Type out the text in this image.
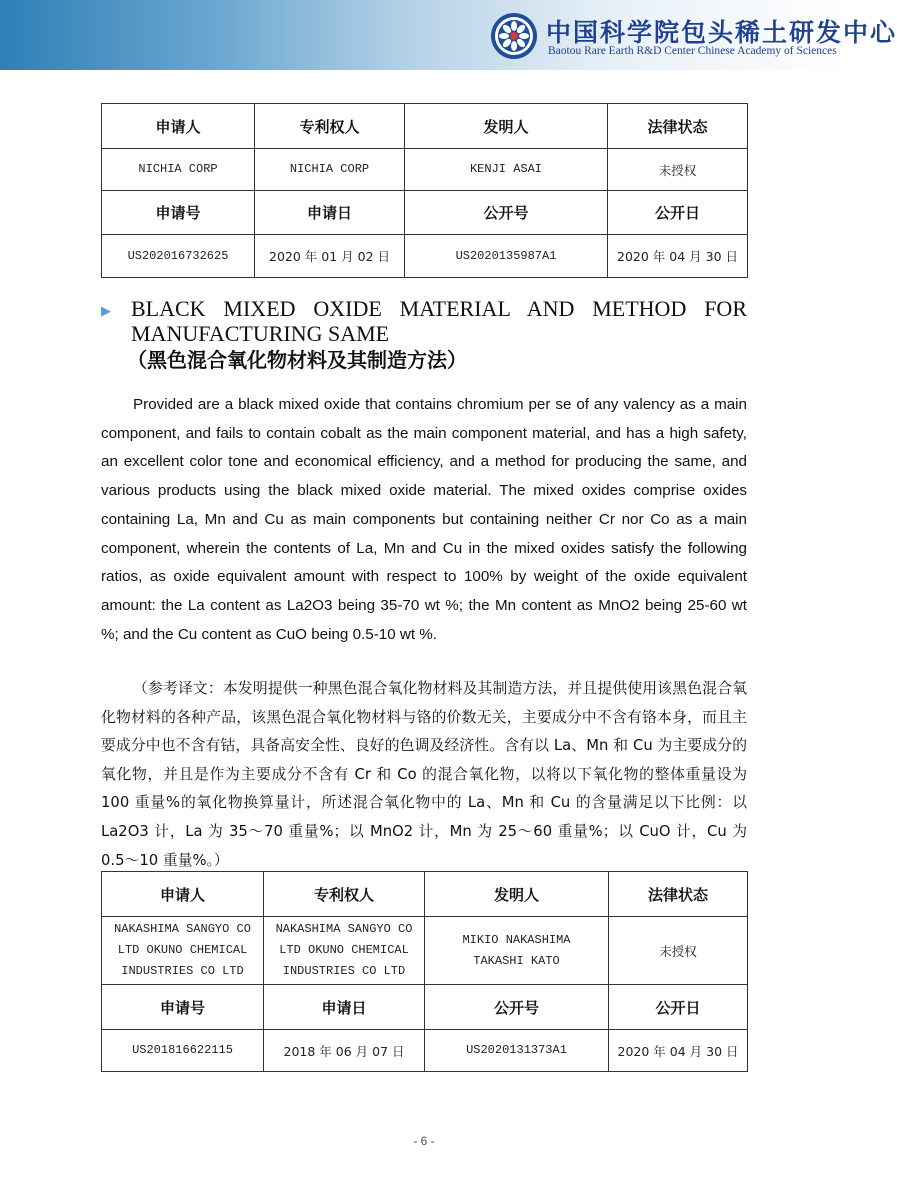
中国科学院包头稀土研发中心
Baotou Rare Earth R&D Center Chinese Academy of Sciences
申请人	专利权人	发明人	法律状态
NICHIA CORP	NICHIA CORP	KENJI ASAI	未授权
申请号	申请日	公开号	公开日
US202016732625	2020 年 01 月 02 日	US2020135987A1	2020 年 04 月 30 日
▶ BLACK MIXED OXIDE MATERIAL AND METHOD FOR MANUFACTURING SAME
（黑色混合氧化物材料及其制造方法）

Provided are a black mixed oxide that contains chromium per se of any valency as a main component, and fails to contain cobalt as the main component material, and has a high safety, an excellent color tone and economical efficiency, and a method for producing the same, and various products using the black mixed oxide material. The mixed oxides comprise oxides containing La, Mn and Cu as main components but containing neither Cr nor Co as a main component, wherein the contents of La, Mn and Cu in the mixed oxides satisfy the following ratios, as oxide equivalent amount with respect to 100% by weight of the oxide equivalent amount: the La content as La2O3 being 35-70 wt %; the Mn content as MnO2 being 25-60 wt %; and the Cu content as CuO being 0.5-10 wt %.

（参考译文：本发明提供一种黑色混合氧化物材料及其制造方法，并且提供使用该黑色混合氧化物材料的各种产品，该黑色混合氧化物材料与铬的价数无关，主要成分中不含有铬本身，而且主要成分中也不含有钴，具备高安全性、良好的色调及经济性。含有以 La、Mn 和 Cu 为主要成分的氧化物，并且是作为主要成分不含有 Cr 和 Co 的混合氧化物，以将以下氧化物的整体重量设为 100 重量%的氧化物换算量计，所述混合氧化物中的 La、Mn 和 Cu 的含量满足以下比例：以 La2O3 计，La 为 35～70 重量%；以 MnO2 计，Mn 为 25～60 重量%；以 CuO 计，Cu 为 0.5～10 重量%。）

申请人	专利权人	发明人	法律状态
NAKASHIMA SANGYO CO LTD OKUNO CHEMICAL INDUSTRIES CO LTD	NAKASHIMA SANGYO CO LTD OKUNO CHEMICAL INDUSTRIES CO LTD	MIKIO NAKASHIMA TAKASHI KATO	未授权
申请号	申请日	公开号	公开日
US201816622115	2018 年 06 月 07 日	US2020131373A1	2020 年 04 月 30 日
- 6 -
